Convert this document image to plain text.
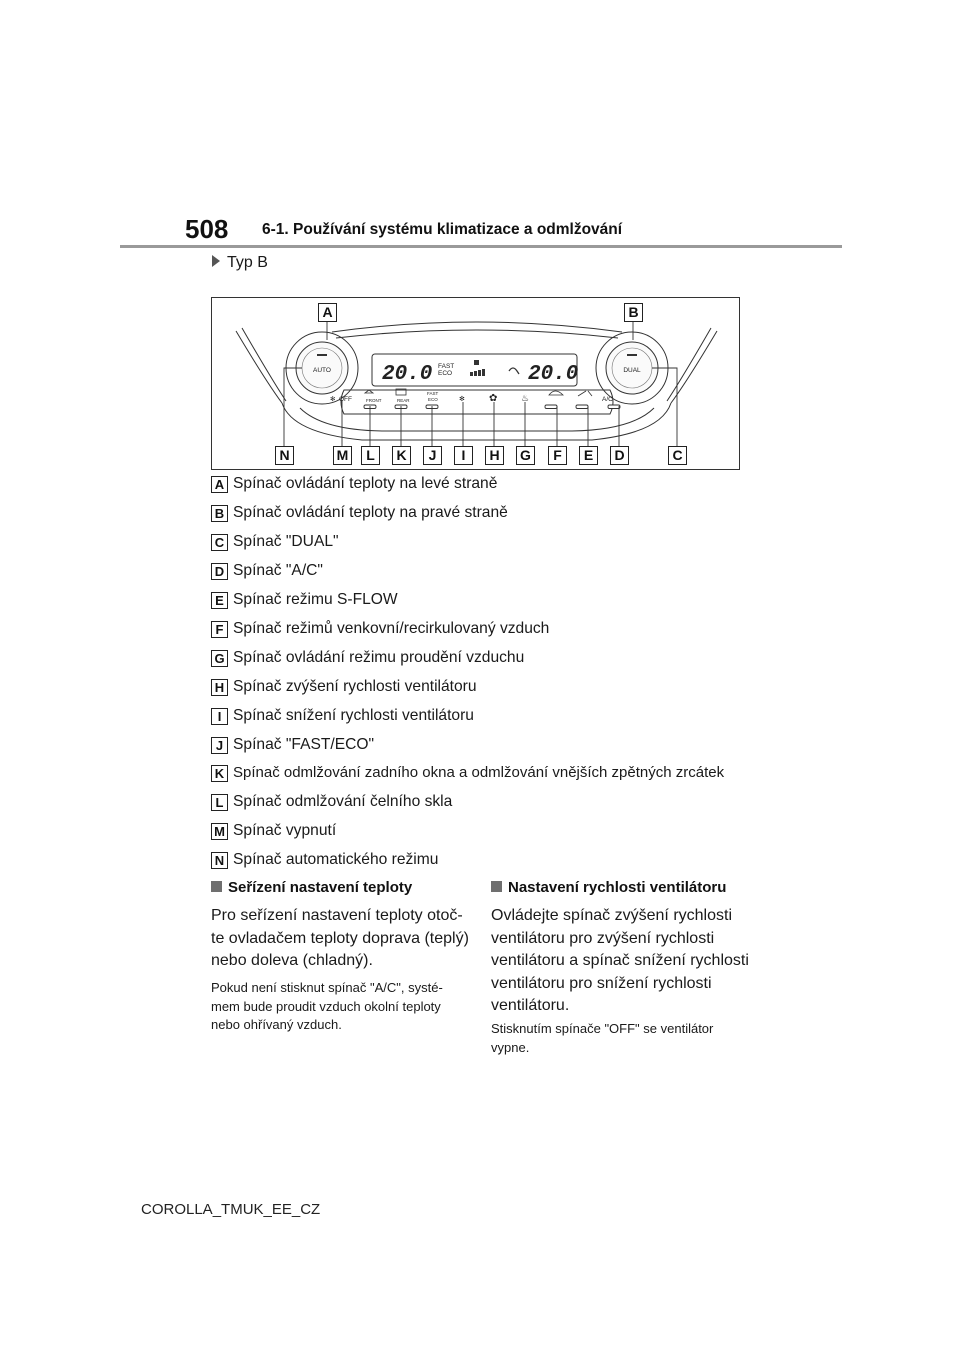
508 6-1. Používání systému klimatizace a odmlžování
Typ B
AUTO	DUAL
20.0 FAST
ECO	20.0
✻ OFF	FRONT	REAR
FAST
ECO	✻ ✿	♨	A/C
A	B
N	M	L	K	J	I	H	G	F	E	D	C
A Spínač ovládání teploty na levé straně
B Spínač ovládání teploty na pravé straně
C Spínač "DUAL"
D Spínač "A/C"
E Spínač režimu S-FLOW
F Spínač režimů venkovní/recirkulovaný vzduch
G Spínač ovládání režimu proudění vzduchu
H Spínač zvýšení rychlosti ventilátoru
I Spínač snížení rychlosti ventilátoru
J Spínač "FAST/ECO"
K Spínač odmlžování zadního okna a odmlžování vnějších zpětných zrcátek
L Spínač odmlžování čelního skla
M Spínač vypnutí
N Spínač automatického režimu
Seřízení nastavení teploty
Pro seřízení nastavení teploty otoč-
te ovladačem teploty doprava (teplý)
nebo doleva (chladný).
Pokud není stisknut spínač "A/C", systé-
mem bude proudit vzduch okolní teploty
nebo ohřívaný vzduch.
Nastavení rychlosti ventilátoru
Ovládejte spínač zvýšení rychlosti
ventilátoru pro zvýšení rychlosti
ventilátoru a spínač snížení rychlosti
ventilátoru pro snížení rychlosti
ventilátoru.
Stisknutím spínače "OFF" se ventilátor
vypne.
COROLLA_TMUK_EE_CZ
